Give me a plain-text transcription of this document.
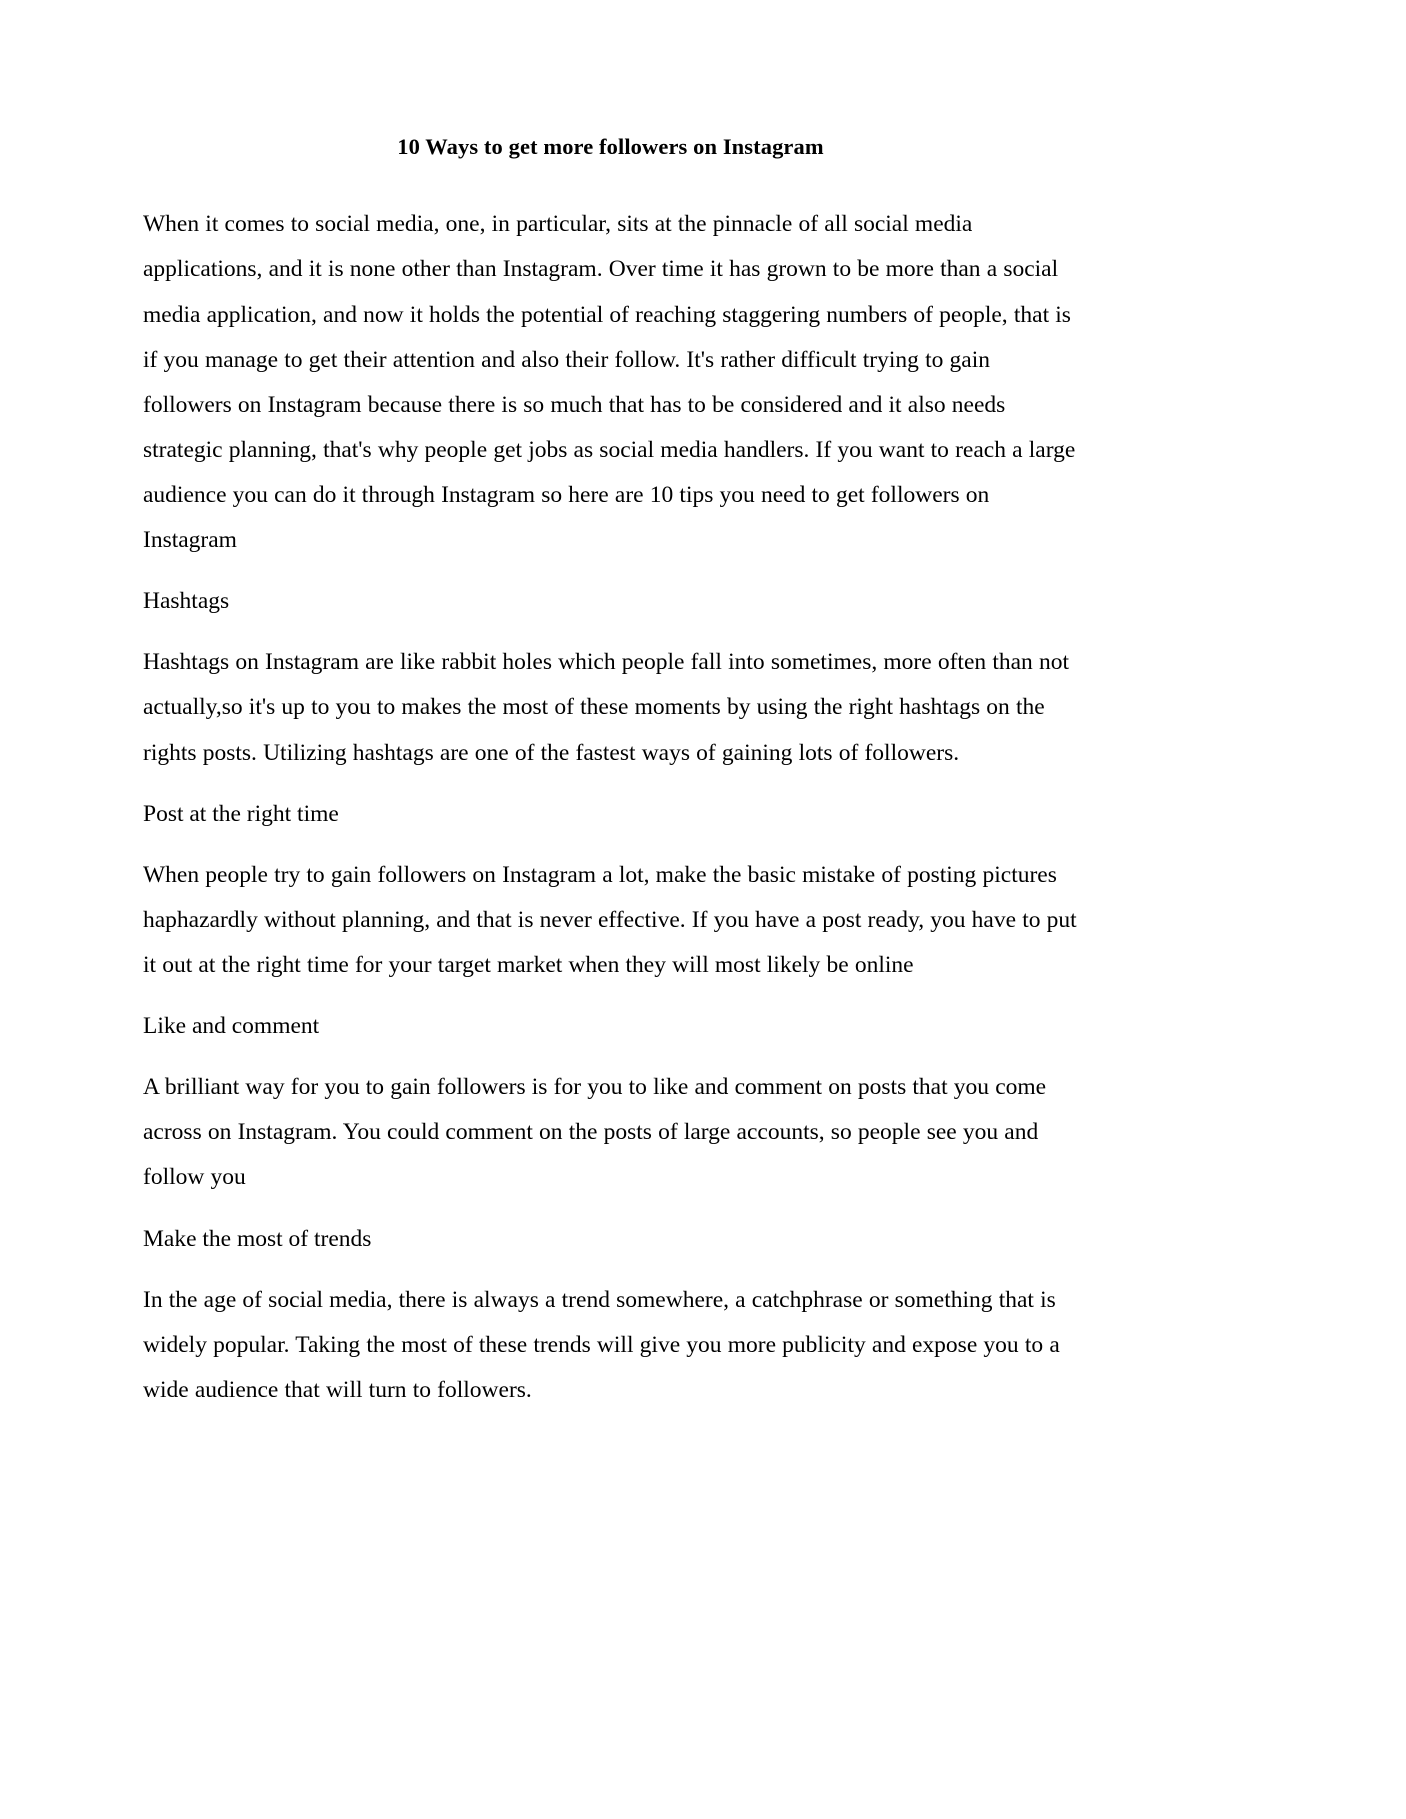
10 Ways to get more followers on Instagram

When it comes to social media, one, in particular, sits at the pinnacle of all social media applications, and it is none other than Instagram. Over time it has grown to be more than a social media application, and now it holds the potential of reaching staggering numbers of people, that is if you manage to get their attention and also their follow. It's rather difficult trying to gain followers on Instagram because there is so much that has to be considered and it also needs strategic planning, that's why people get jobs as social media handlers. If you want to reach a large audience you can do it through Instagram so here are 10 tips you need to get followers on Instagram

Hashtags

Hashtags on Instagram are like rabbit holes which people fall into sometimes, more often than not actually,so it's up to you to makes the most of these moments by using the right hashtags on the rights posts. Utilizing hashtags are one of the fastest ways of gaining lots of followers.

Post at the right time

When people try to gain followers on Instagram a lot, make the basic mistake of posting pictures haphazardly without planning, and that is never effective. If you have a post ready, you have to put it out at the right time for your target market when they will most likely be online

Like and comment

A brilliant way for you to gain followers is for you to like and comment on posts that you come across on Instagram. You could comment on the posts of large accounts, so people see you and follow you

Make the most of trends

In the age of social media, there is always a trend somewhere, a catchphrase or something that is widely popular. Taking the most of these trends will give you more publicity and expose you to a wide audience that will turn to followers.
